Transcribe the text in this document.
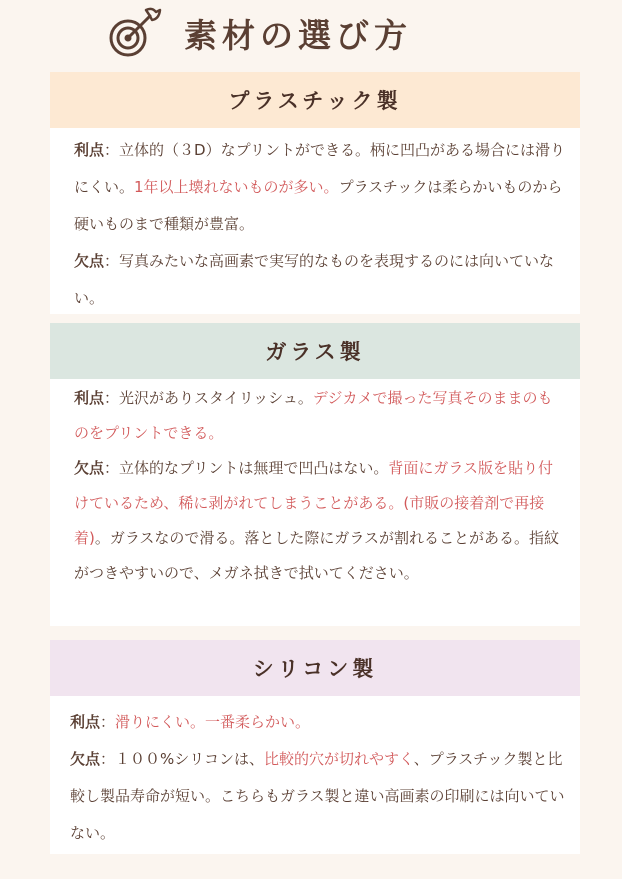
素材の選び方
プラスチック製

利点：立体的（３D）なプリントができる。柄に凹凸がある場合には滑りにくい。1年以上壊れないものが多い。プラスチックは柔らかいものから硬いものまで種類が豊富。

欠点：写真みたいな高画素で実写的なものを表現するのには向いていない。

ガラス製

利点：光沢がありスタイリッシュ。デジカメで撮った写真そのままのものをプリントできる。

欠点：立体的なプリントは無理で凹凸はない。背面にガラス版を貼り付けているため、稀に剥がれてしまうことがある。(市販の接着剤で再接着)。ガラスなので滑る。落とした際にガラスが割れることがある。指紋がつきやすいので、メガネ拭きで拭いてください。

シリコン製

利点：滑りにくい。一番柔らかい。

欠点：１００%シリコンは、比較的穴が切れやすく、プラスチック製と比較し製品寿命が短い。こちらもガラス製と違い高画素の印刷には向いていない。
